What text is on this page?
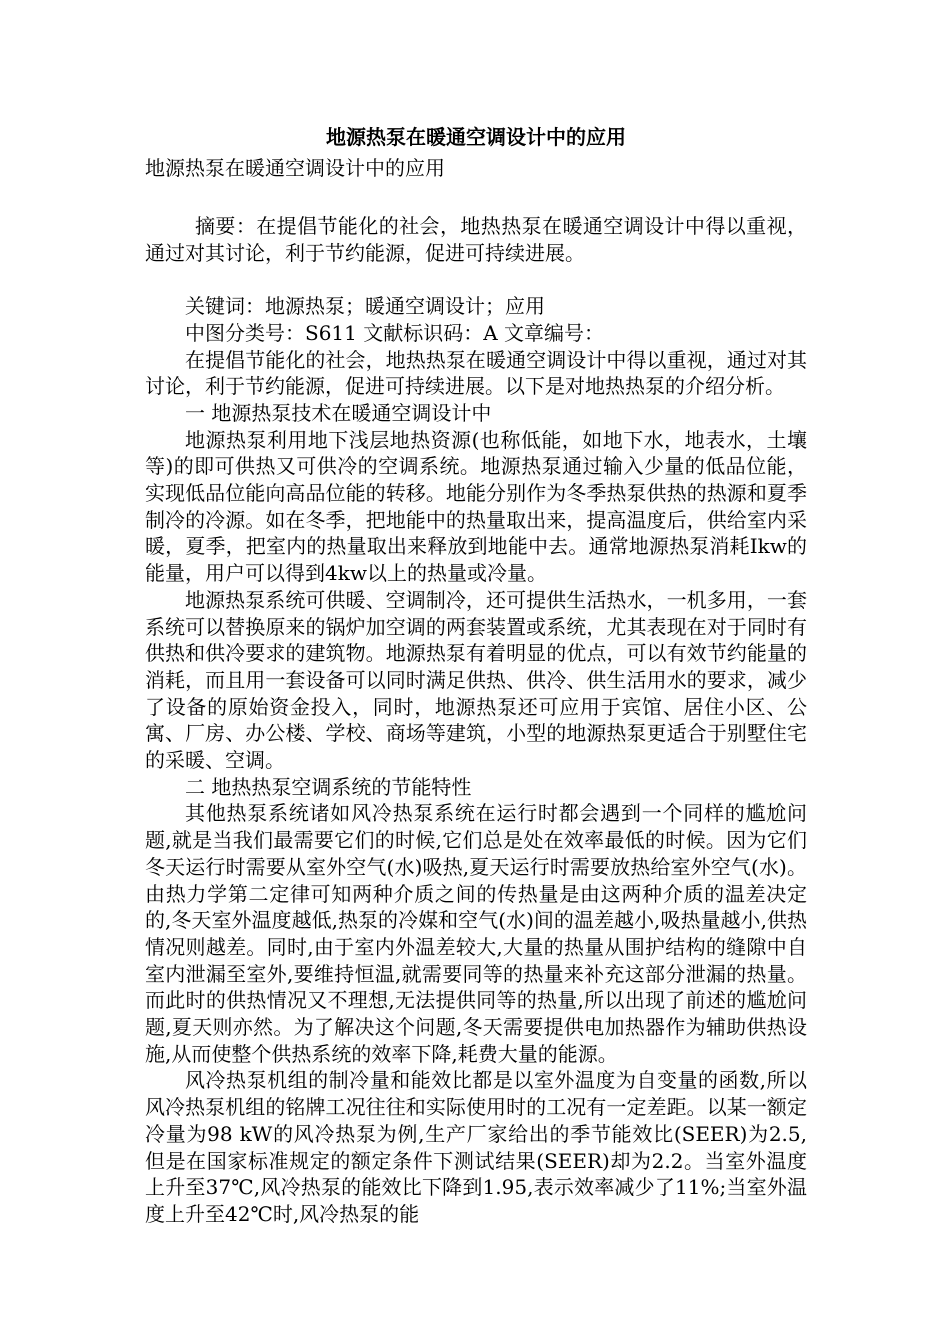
地源热泵在暖通空调设计中的应用

地源热泵在暖通空调设计中的应用

摘要：在提倡节能化的社会，地热热泵在暖通空调设计中得以重视，通过对其讨论，利于节约能源，促进可持续进展。

关键词：地源热泵；暖通空调设计；应用

中图分类号：S611 文献标识码：A 文章编号：

在提倡节能化的社会，地热热泵在暖通空调设计中得以重视，通过对其讨论，利于节约能源，促进可持续进展。以下是对地热热泵的介绍分析。

一 地源热泵技术在暖通空调设计中

地源热泵利用地下浅层地热资源(也称低能，如地下水，地表水，土壤等)的即可供热又可供冷的空调系统。地源热泵通过输入少量的低品位能，实现低品位能向高品位能的转移。地能分别作为冬季热泵供热的热源和夏季制冷的冷源。如在冬季，把地能中的热量取出来，提高温度后，供给室内采暖，夏季，把室内的热量取出来释放到地能中去。通常地源热泵消耗Ikw的能量，用户可以得到4kw以上的热量或冷量。

地源热泵系统可供暖、空调制冷，还可提供生活热水，一机多用，一套系统可以替换原来的锅炉加空调的两套装置或系统，尤其表现在对于同时有供热和供冷要求的建筑物。地源热泵有着明显的优点，可以有效节约能量的消耗，而且用一套设备可以同时满足供热、供冷、供生活用水的要求，减少了设备的原始资金投入，同时，地源热泵还可应用于宾馆、居住小区、公寓、厂房、办公楼、学校、商场等建筑，小型的地源热泵更适合于别墅住宅的采暖、空调。

二 地热热泵空调系统的节能特性

其他热泵系统诸如风冷热泵系统在运行时都会遇到一个同样的尴尬问题,就是当我们最需要它们的时候,它们总是处在效率最低的时候。因为它们冬天运行时需要从室外空气(水)吸热,夏天运行时需要放热给室外空气(水)。由热力学第二定律可知两种介质之间的传热量是由这两种介质的温差决定的,冬天室外温度越低,热泵的冷媒和空气(水)间的温差越小,吸热量越小,供热情况则越差。同时,由于室内外温差较大,大量的热量从围护结构的缝隙中自室内泄漏至室外,要维持恒温,就需要同等的热量来补充这部分泄漏的热量。而此时的供热情况又不理想,无法提供同等的热量,所以出现了前述的尴尬问题,夏天则亦然。为了解决这个问题,冬天需要提供电加热器作为辅助供热设施,从而使整个供热系统的效率下降,耗费大量的能源。

风冷热泵机组的制冷量和能效比都是以室外温度为自变量的函数,所以风冷热泵机组的铭牌工况往往和实际使用时的工况有一定差距。以某一额定冷量为98 kW的风冷热泵为例,生产厂家给出的季节能效比(SEER)为2.5,但是在国家标准规定的额定条件下测试结果(SEER)却为2.2。当室外温度上升至37℃,风冷热泵的能效比下降到1.95,表示效率减少了11%;当室外温度上升至42℃时,风冷热泵的能
